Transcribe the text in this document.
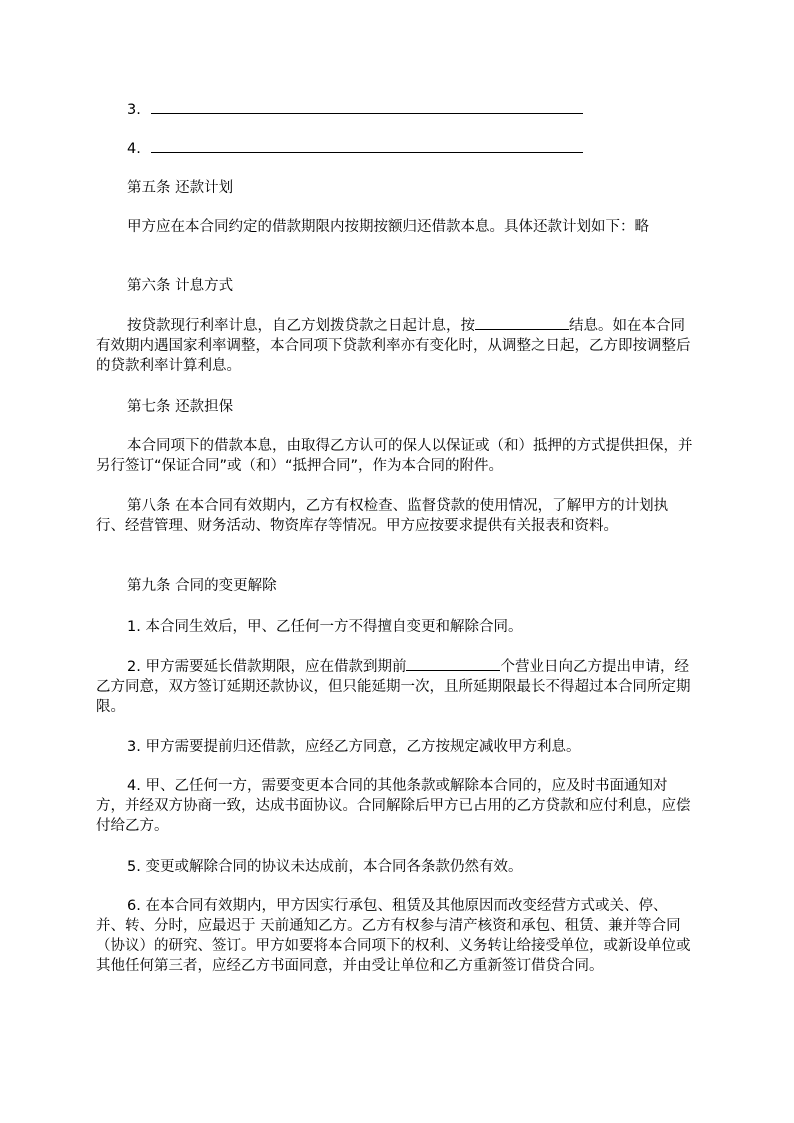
3.
4.
第五条 还款计划

甲方应在本合同约定的借款期限内按期按额归还借款本息。具体还款计划如下：略

第六条 计息方式

按贷款现行利率计息，自乙方划拨贷款之日起计息，按	结息。如在本合同有效期内遇国家利率调整，本合同项下贷款利率亦有变化时，从调整之日起，乙方即按调整后的贷款利率计算利息。

第七条 还款担保

本合同项下的借款本息，由取得乙方认可的保人以保证或（和）抵押的方式提供担保，并另行签订“保证合同”或（和）“抵押合同”，作为本合同的附件。

第八条 在本合同有效期内，乙方有权检查、监督贷款的使用情况，了解甲方的计划执行、经营管理、财务活动、物资库存等情况。甲方应按要求提供有关报表和资料。

第九条 合同的变更解除

1. 本合同生效后，甲、乙任何一方不得擅自变更和解除合同。

2. 甲方需要延长借款期限，应在借款到期前	个营业日向乙方提出申请，经乙方同意，双方签订延期还款协议，但只能延期一次，且所延期限最长不得超过本合同所定期限。

3. 甲方需要提前归还借款，应经乙方同意，乙方按规定减收甲方利息。

4. 甲、乙任何一方，需要变更本合同的其他条款或解除本合同的，应及时书面通知对方，并经双方协商一致，达成书面协议。合同解除后甲方已占用的乙方贷款和应付利息，应偿付给乙方。

5. 变更或解除合同的协议未达成前，本合同各条款仍然有效。

6. 在本合同有效期内，甲方因实行承包、租赁及其他原因而改变经营方式或关、停、并、转、分时，应最迟于 天前通知乙方。乙方有权参与清产核资和承包、租赁、兼并等合同（协议）的研究、签订。甲方如要将本合同项下的权利、义务转让给接受单位，或新设单位或其他任何第三者，应经乙方书面同意，并由受让单位和乙方重新签订借贷合同。
